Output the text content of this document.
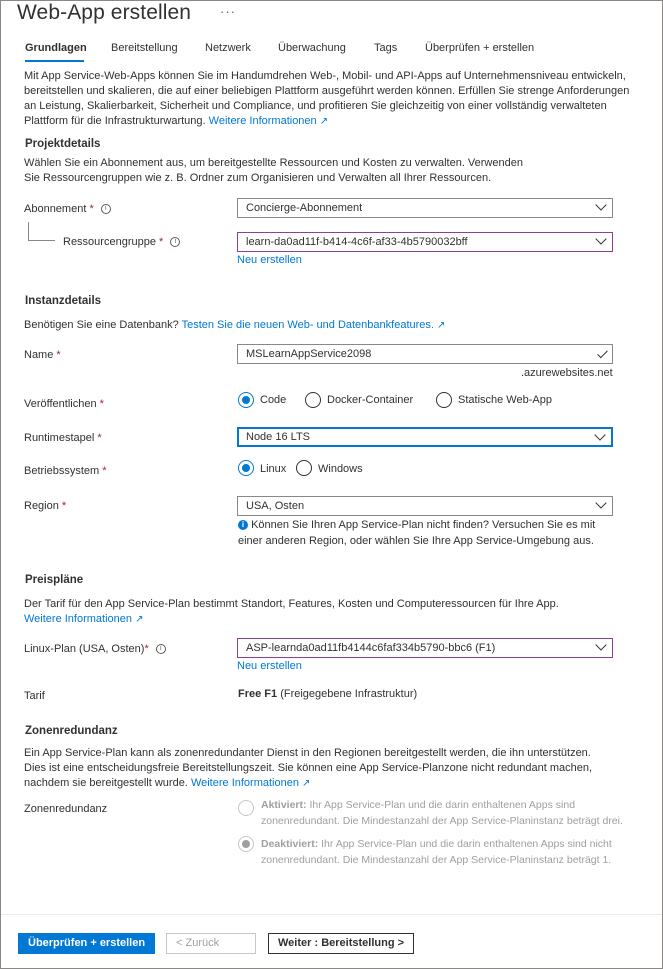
Web-App erstellen ···
Grundlagen Bereitstellung Netzwerk Überwachung	Tags	Überprüfen + erstellen
Mit App Service-Web-Apps können Sie im Handumdrehen Web-, Mobil- und API-Apps auf Unternehmensniveau entwickeln, bereitstellen und skalieren, die auf einer beliebigen Plattform ausgeführt werden können. Erfüllen Sie strenge Anforderungen an Leistung, Skalierbarkeit, Sicherheit und Compliance, und profitieren Sie gleichzeitig von einer vollständig verwalteten Plattform für die Infrastrukturwartung. Weitere Informationen ↗
Projektdetails
Wählen Sie ein Abonnement aus, um bereitgestellte Ressourcen und Kosten zu verwalten. Verwenden Sie Ressourcengruppen wie z. B. Ordner zum Organisieren und Verwalten all Ihrer Ressourcen.
Abonnement * i	Concierge-Abonnement
Ressourcengruppe * i	learn-da0ad11f-b414-4c6f-af33-4b5790032bff
Neu erstellen
Instanzdetails
Benötigen Sie eine Datenbank? Testen Sie die neuen Web- und Datenbankfeatures. ↗
Name *	MSLearnAppService2098
.azurewebsites.net
Veröffentlichen *	Code	Docker-Container	Statische Web-App
Runtimestapel *	Node 16 LTS
Betriebssystem *	Linux	Windows
Region *	USA, Osten
i Können Sie Ihren App Service-Plan nicht finden? Versuchen Sie es mit einer anderen Region, oder wählen Sie Ihre App Service-Umgebung aus.
Preispläne
Der Tarif für den App Service-Plan bestimmt Standort, Features, Kosten und Computeressourcen für Ihre App.
Weitere Informationen ↗
Linux-Plan (USA, Osten)* i	ASP-learnda0ad11fb4144c6faf334b5790-bbc6 (F1)
Neu erstellen
Tarif	Free F1 (Freigegebene Infrastruktur)
Zonenredundanz
Ein App Service-Plan kann als zonenredundanter Dienst in den Regionen bereitgestellt werden, die ihn unterstützen. Dies ist eine entscheidungsfreie Bereitstellungszeit. Sie können eine App Service-Planzone nicht redundant machen, nachdem sie bereitgestellt wurde. Weitere Informationen ↗
Zonenredundanz	Aktiviert: Ihr App Service-Plan und die darin enthaltenen Apps sind zonenredundant. Die Mindestanzahl der App Service-Planinstanz beträgt drei.
Deaktiviert: Ihr App Service-Plan und die darin enthaltenen Apps sind nicht zonenredundant. Die Mindestanzahl der App Service-Planinstanz beträgt 1.
Überprüfen + erstellen	< Zurück	Weiter : Bereitstellung >
